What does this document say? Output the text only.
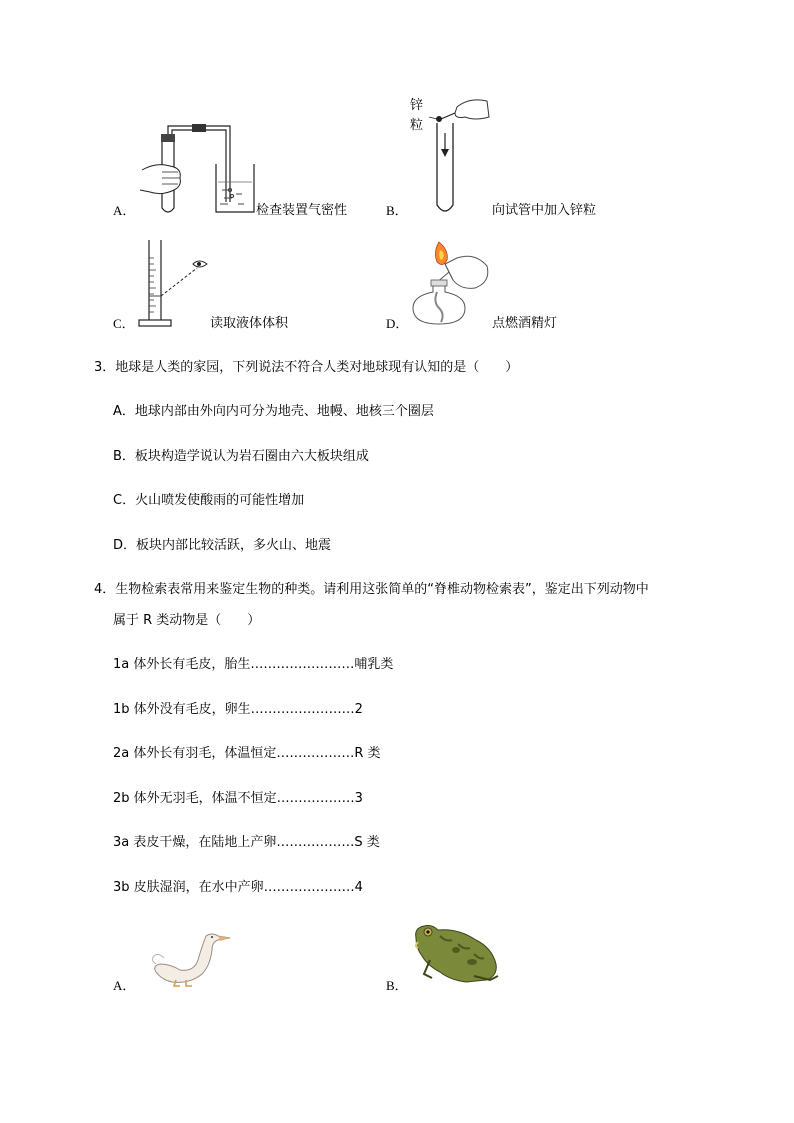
A．	检查装置气密性
锌
粒
B．	向试管中加入锌粒
C．	读取液体体积	D．	点燃酒精灯
3．地球是人类的家园，下列说法不符合人类对地球现有认知的是（　　）
A．地球内部由外向内可分为地壳、地幔、地核三个圈层
B．板块构造学说认为岩石圈由六大板块组成
C．火山喷发使酸雨的可能性增加
D．板块内部比较活跃，多火山、地震
4．生物检索表常用来鉴定生物的种类。请利用这张简单的“脊椎动物检索表”，鉴定出下列动物中
属于 R 类动物是（　　）
1a 体外长有毛皮，胎生……………………哺乳类
1b 体外没有毛皮，卵生……………………2
2a 体外长有羽毛，体温恒定………………R 类
2b 体外无羽毛，体温不恒定………………3
3a 表皮干燥，在陆地上产卵………………S 类
3b 皮肤湿润，在水中产卵…………………4
A．	B．
